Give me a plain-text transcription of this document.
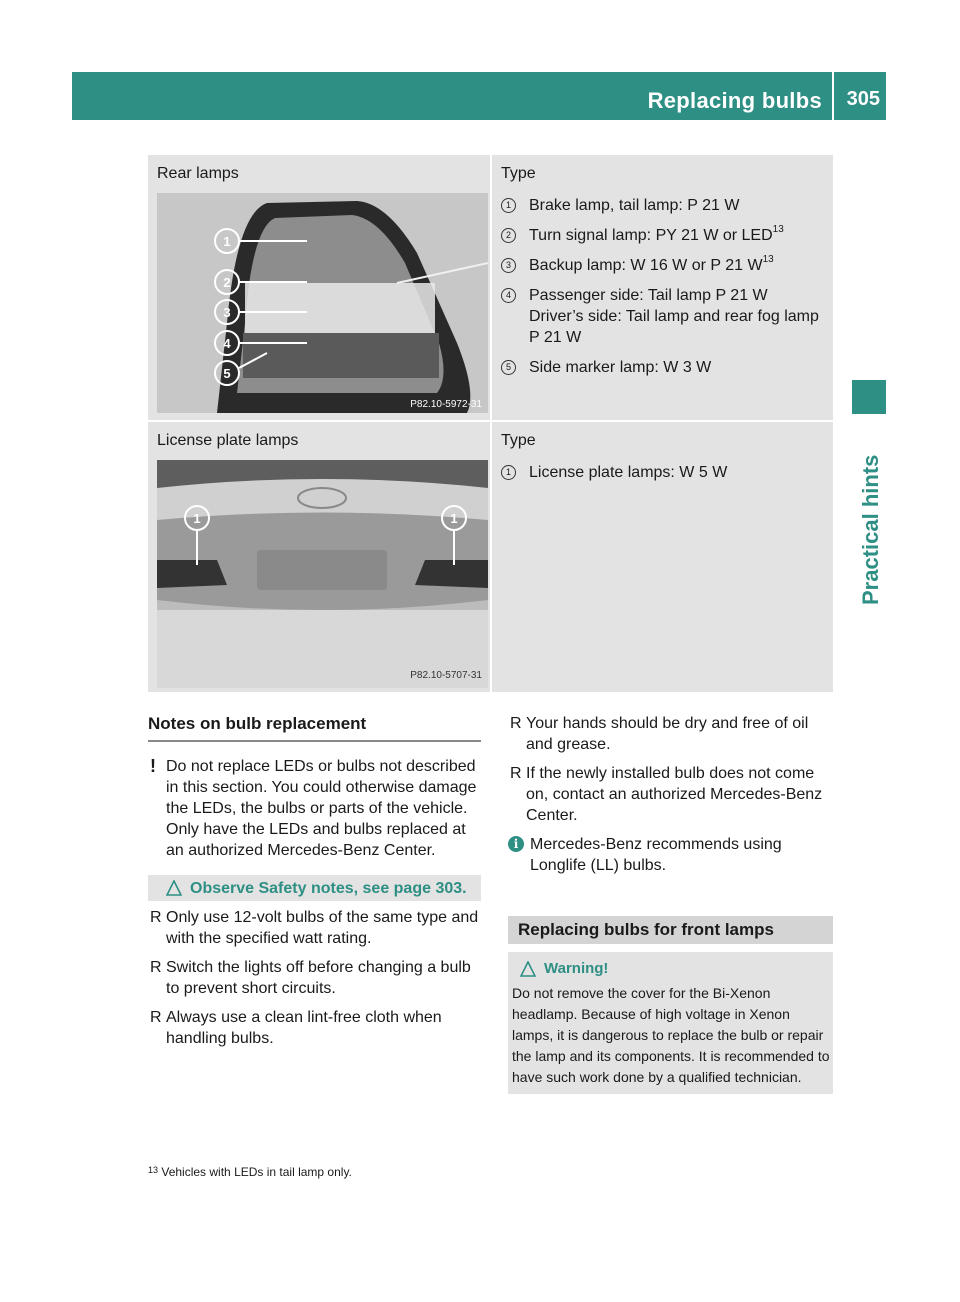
Replacing bulbs 305
Practical hints
Rear lamps
1
2
3
4
5
P82.10-5972-31
Type
1	Brake lamp, tail lamp: P 21 W
2	Turn signal lamp: PY 21 W or LED$^{13}$
3	Backup lamp: W 16 W or P 21 $W^{13}$
4	Passenger side: Tail lamp P 21 W
Driver’s side: Tail lamp and rear fog lamp P 21 W
5	Side marker lamp: W 3 W
License plate lamps
1	1
P82.10-5707-31
Type
1	License plate lamps: W 5 W
Notes on bulb replacement
! Do not replace LEDs or bulbs not described in this section. You could otherwise damage the LEDs, the bulbs or parts of the vehicle. Only have the LEDs and bulbs replaced at an authorized Mercedes-Benz Center.
Observe Safety notes, see page 303.
R Only use 12-volt bulbs of the same type and with the specified watt rating.
R Switch the lights off before changing a bulb to prevent short circuits.
R Always use a clean lint-free cloth when handling bulbs.
R Your hands should be dry and free of oil and grease.
R If the newly installed bulb does not come on, contact an authorized Mercedes-Benz Center.
i Mercedes-Benz recommends using Longlife (LL) bulbs.
Replacing bulbs for front lamps
Warning!
Do not remove the cover for the Bi-Xenon headlamp. Because of high voltage in Xenon lamps, it is dangerous to replace the bulb or repair the lamp and its components. It is recommended to have such work done by a qualified technician.
$^{13}$ Vehicles with LEDs in tail lamp only.
